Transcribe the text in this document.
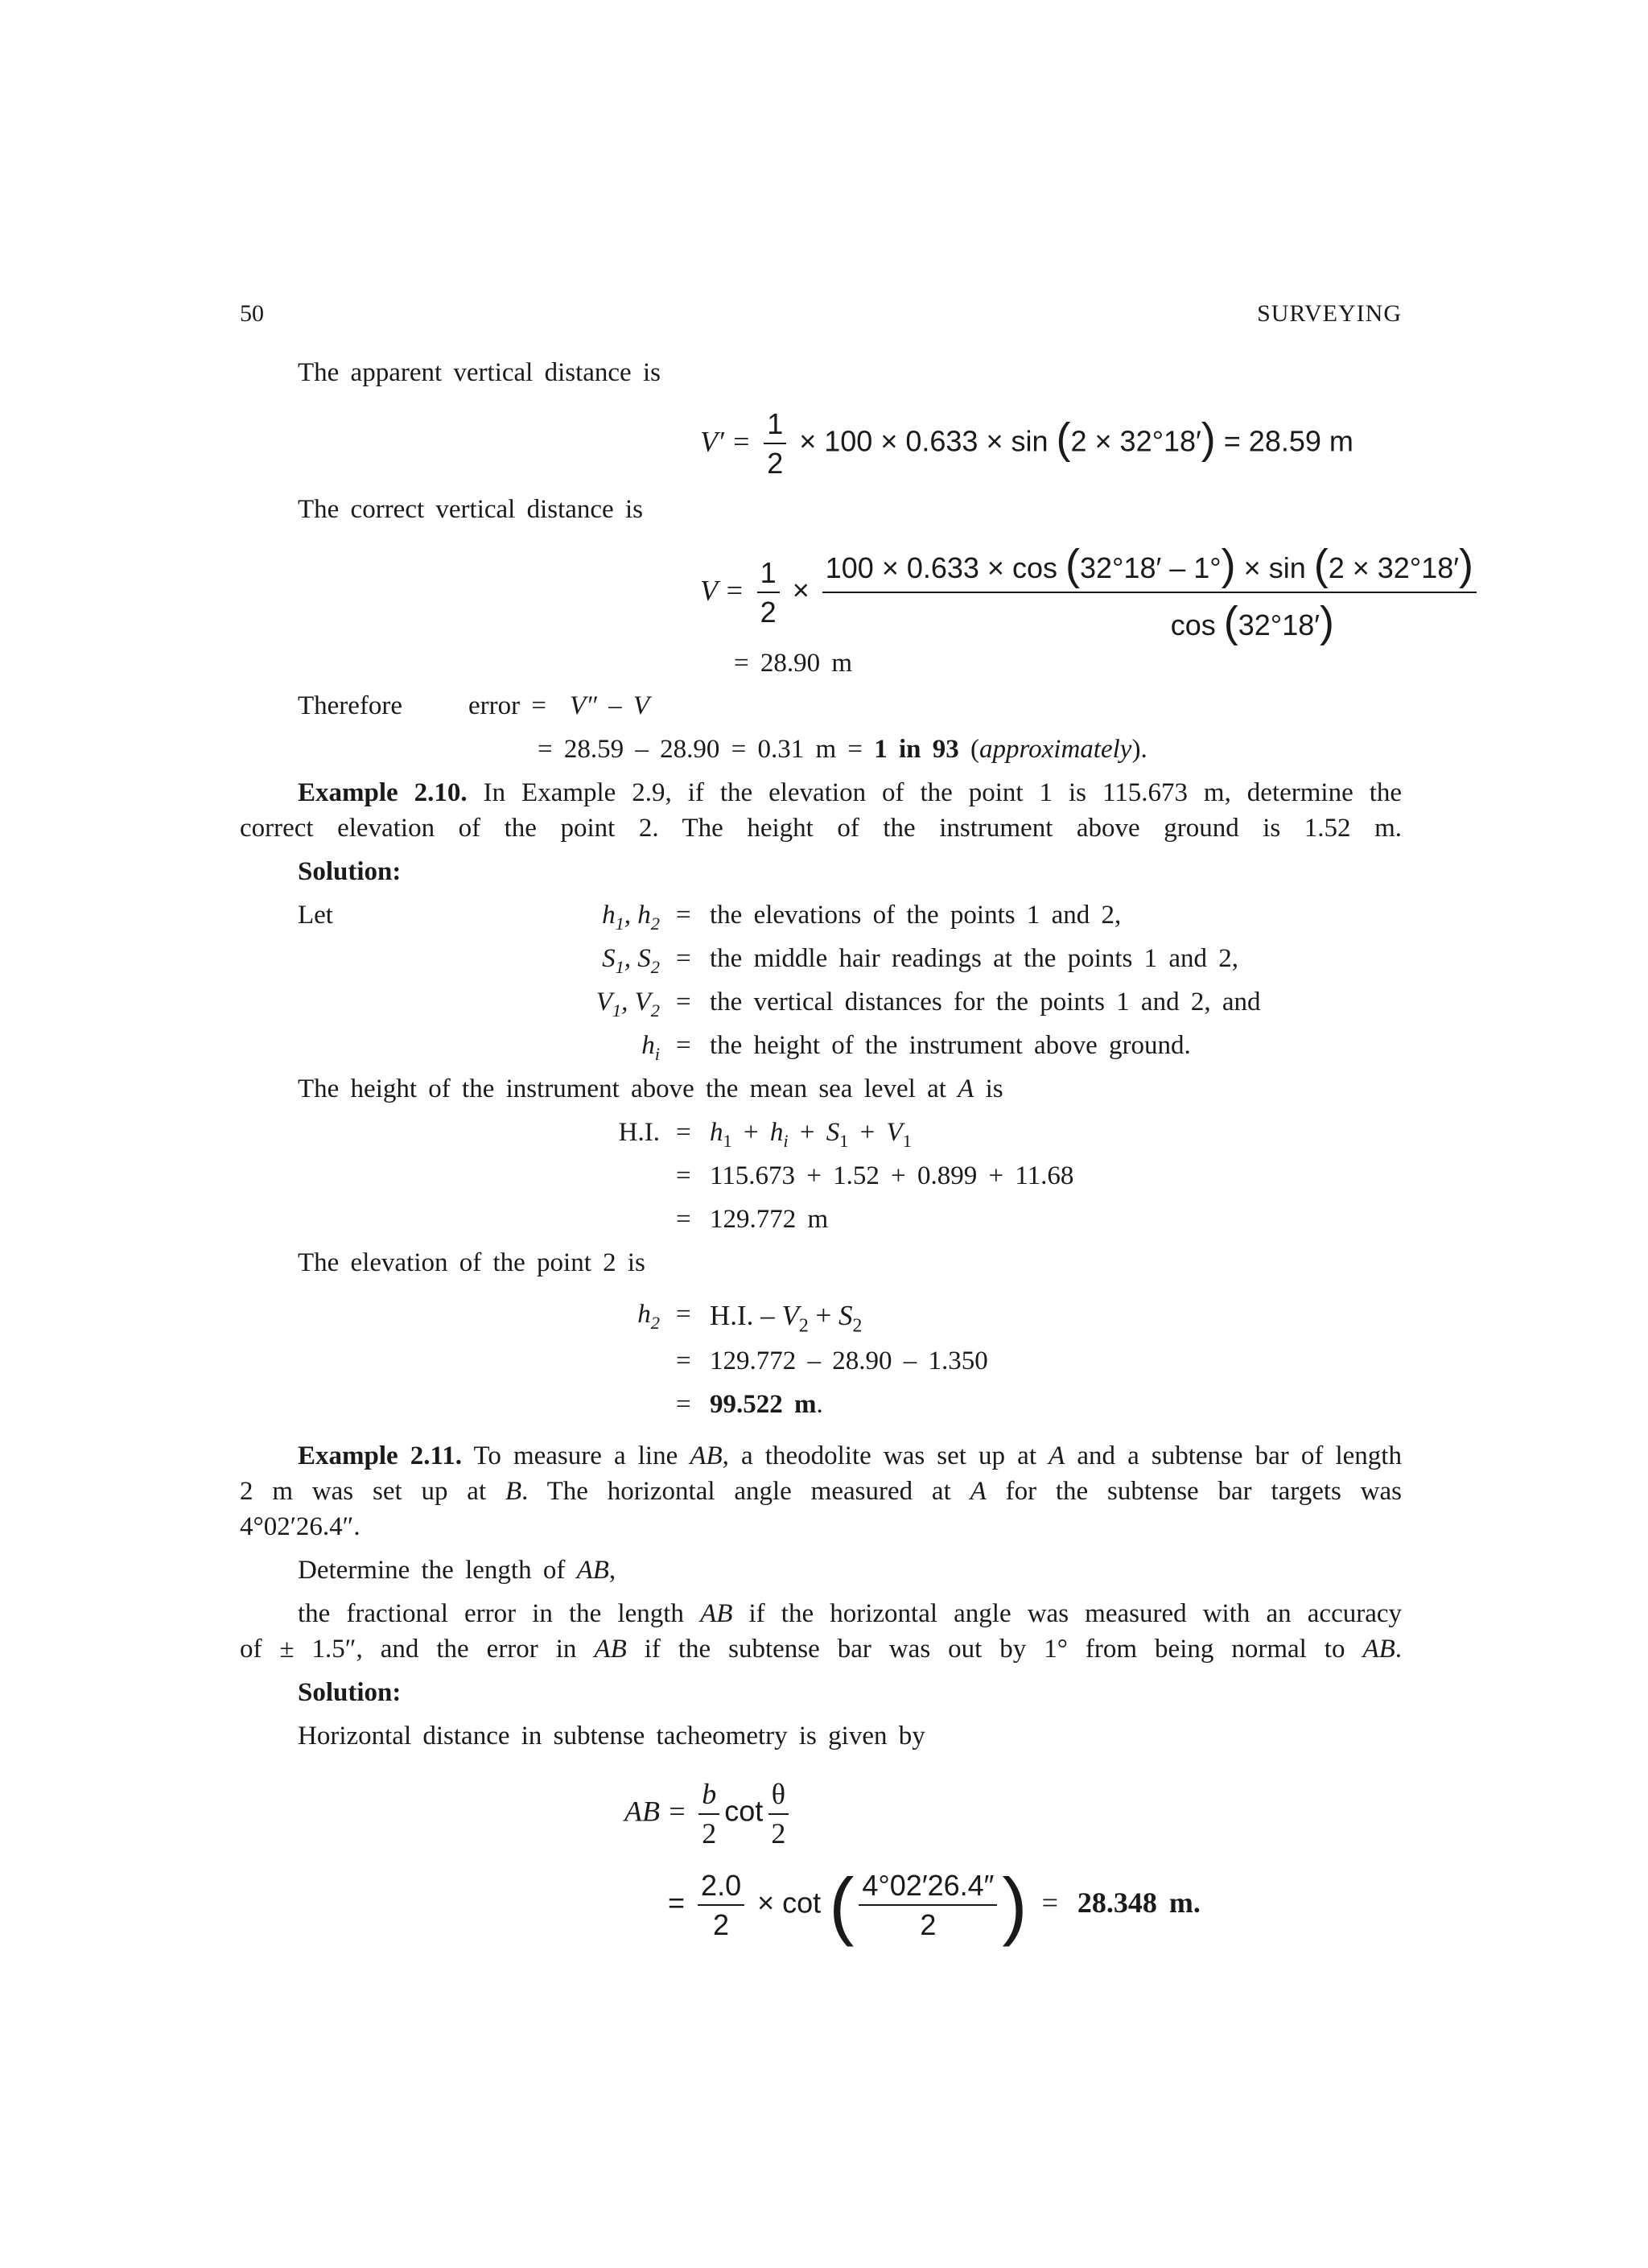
50	SURVEYING
The apparent vertical distance is
$V' = \frac{1}{2} \times 100 \times 0.633 \times \sin (2 \times 32^\circ 18') = 28.59$ m
The correct vertical distance is
$V = \frac{1}{2} \times \frac{100 \times 0.633 \times \cos (32^\circ 18' - 1^\circ) \times \sin (2 \times 32^\circ 18')}{\cos (32^\circ 18')}$
= 28.90 m
Therefore error = V″ – V
= 28.59 – 28.90 = 0.31 m = 1 in 93 (approximately).
Example 2.10. In Example 2.9, if the elevation of the point 1 is 115.673 m, determine the
correct elevation of the point 2. The height of the instrument above ground is 1.52 m.
Solution:
Let	$h_1$, $h_2$
$S_1$, $S_2$
$V_1$, $V_2$
$h_i$
=
=
=
=
the elevations of the points 1 and 2,
the middle hair readings at the points 1 and 2,
the vertical distances for the points 1 and 2, and
the height of the instrument above ground.
The height of the instrument above the mean sea level at A is
H.I. =
=
=
$h_1 + h_i + S_1 + V_1$
115.673 + 1.52 + 0.899 + 11.68
129.772 m
The elevation of the point 2 is
$h_2$ =
=
=
H.I. – $V_2 + S_2$
129.772 – 28.90 – 1.350
99.522 m.
Example 2.11. To measure a line AB, a theodolite was set up at A and a subtense bar of length
2 m was set up at B. The horizontal angle measured at A for the subtense bar targets was
4°02′26.4″.
Determine the length of AB,
the fractional error in the length AB if the horizontal angle was measured with an accuracy
of ± 1.5″, and the error in AB if the subtense bar was out by 1° from being normal to AB.
Solution:
Horizontal distance in subtense tacheometry is given by
AB = $\frac{b}{2}$ $\cot \frac{\theta}{2}$
= $\frac{2.0}{2} \times \cot$ ( $\frac{4^\circ 02'26.4''}{2}$ ) = 28.348 m.
